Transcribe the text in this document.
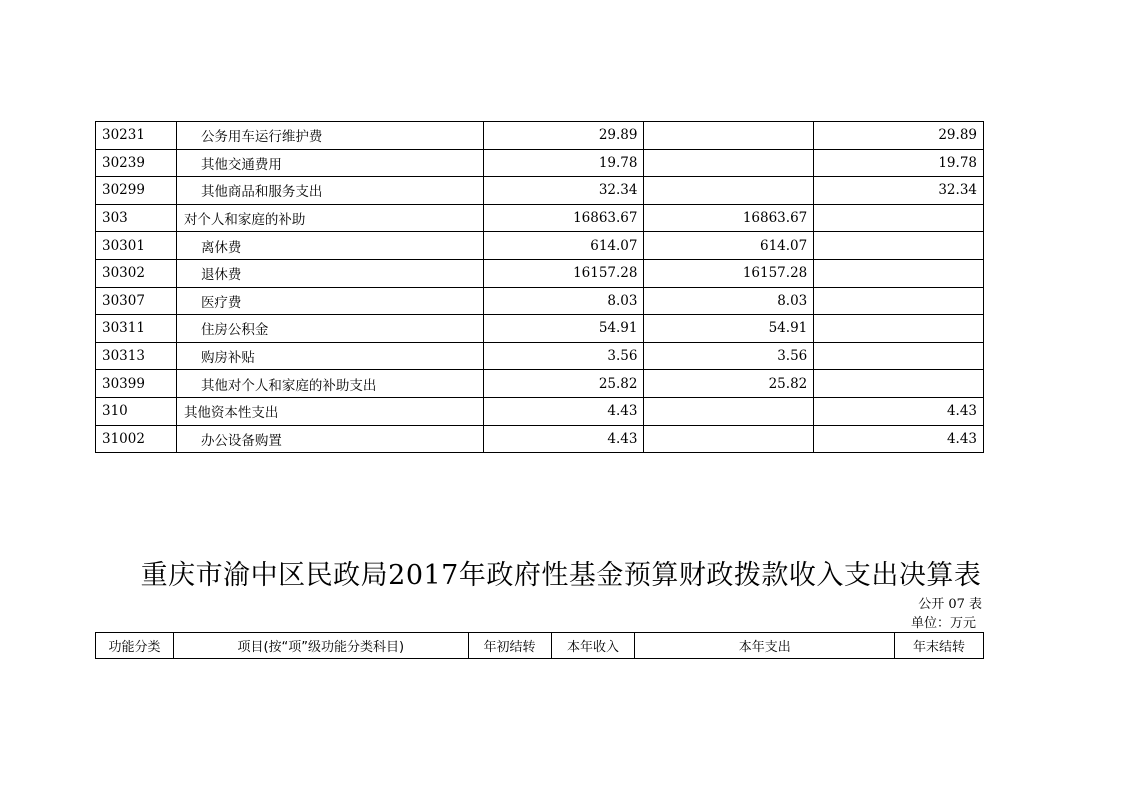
30231	公务用车运行维护费	29.89		29.89
30239	其他交通费用	19.78		19.78
30299	其他商品和服务支出	32.34		32.34
303	对个人和家庭的补助	16863.67	16863.67	
30301	离休费	614.07	614.07	
30302	退休费	16157.28	16157.28	
30307	医疗费	8.03	8.03	
30311	住房公积金	54.91	54.91	
30313	购房补贴	3.56	3.56	
30399	其他对个人和家庭的补助支出	25.82	25.82	
310	其他资本性支出	4.43		4.43
31002	办公设备购置	4.43		4.43
重庆市渝中区民政局2017年政府性基金预算财政拨款收入支出决算表
公开 07 表
单位：万元
功能分类	项目(按“项”级功能分类科目)	年初结转	本年收入	本年支出	年末结转
